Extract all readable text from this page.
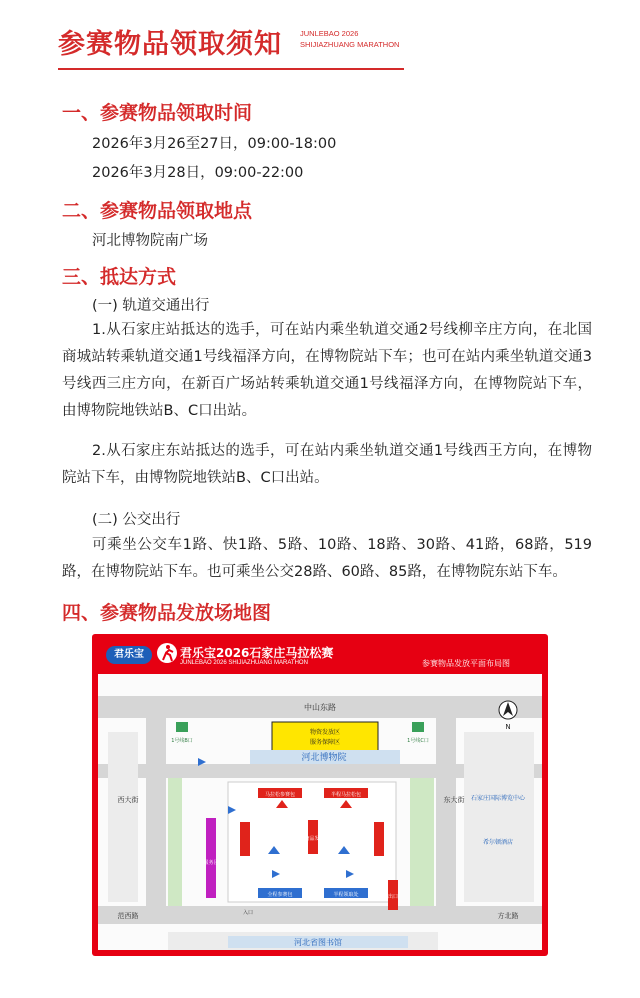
参赛物品领取须知 JUNLEBAO 2026
SHIJIAZHUANG MARATHON
一、参赛物品领取时间
2026年3月26至27日，09:00-18:00
2026年3月28日，09:00-22:00
二、参赛物品领取地点
河北博物院南广场
三、抵达方式
(一) 轨道交通出行
1.从石家庄站抵达的选手，可在站内乘坐轨道交通2号线柳辛庄方向，在北国商城站转乘轨道交通1号线福泽方向，在博物院站下车；也可在站内乘坐轨道交通3号线西三庄方向，在新百广场站转乘轨道交通1号线福泽方向，在博物院站下车，由博物院地铁站B、C口出站。
2.从石家庄东站抵达的选手，可在站内乘坐轨道交通1号线西王方向，在博物院站下车，由博物院地铁站B、C口出站。
(二) 公交出行
可乘坐公交车1路、快1路、5路、10路、18路、30路、41路，68路，519路，在博物院站下车。也可乘坐公交28路、60路、85路，在博物院东站下车。
四、参赛物品发放场地图
君乐宝	君乐宝2026石家庄马拉松赛
JUNLEBAO 2026 SHIJIAZHUANG MARATHON	参赛物品发放平面布局图
中山东路
西大街	东大街
范西路	方北路
河北博物院
河北省图书馆
石家庄国际博览中心
希尔顿酒店
1号线B口	1号线C口
物资发放区
服务保障区
马拉松参赛包	半程马拉松包
全程参赛包	半程领取处
服务区
参赛物品发放区
出口
入口
N
